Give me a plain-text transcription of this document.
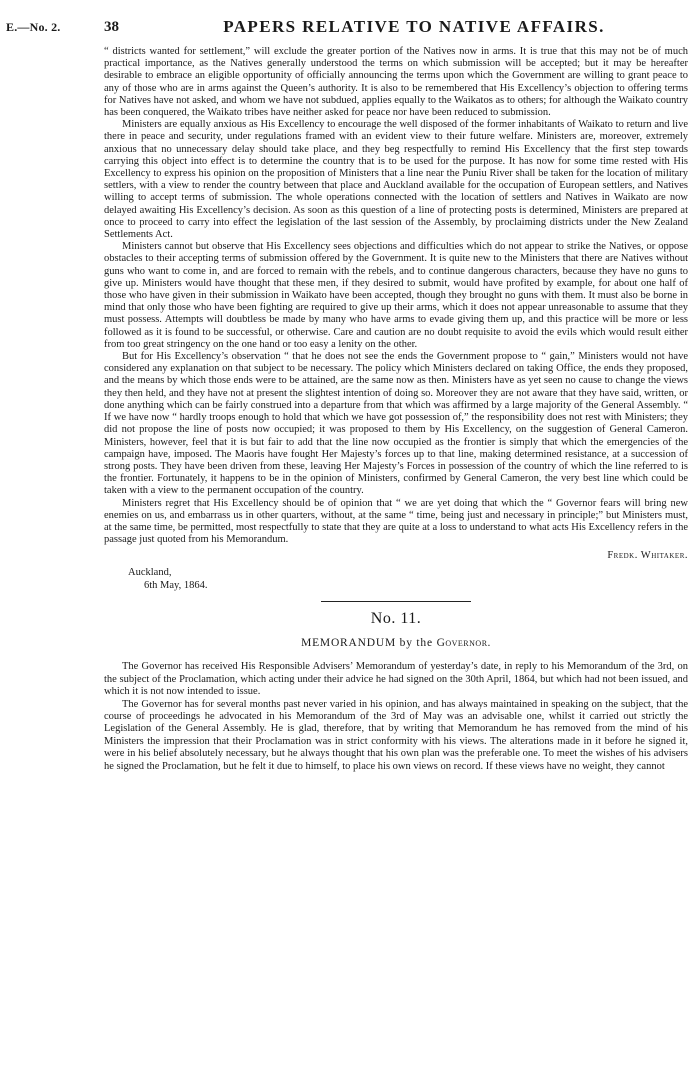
E.—No. 2.	38	PAPERS RELATIVE TO NATIVE AFFAIRS.

“ districts wanted for settlement,” will exclude the greater portion of the Natives now in arms. It is true that this may not be of much practical importance, as the Natives generally understood the terms on which submission will be accepted; but it may be hereafter desirable to embrace an eligible opportunity of officially announcing the terms upon which the Government are willing to grant peace to any of those who are in arms against the Queen’s authority. It is also to be remembered that His Excellency’s objection to offering terms for Natives have not asked, and whom we have not subdued, applies equally to the Waikatos as to others; for although the Waikato country has been conquered, the Waikato tribes have neither asked for peace nor have been reduced to submission.

Ministers are equally anxious as His Excellency to encourage the well disposed of the former inhabitants of Waikato to return and live there in peace and security, under regulations framed with an evident view to their future welfare. Ministers are, moreover, extremely anxious that no unnecessary delay should take place, and they beg respectfully to remind His Excellency that the first step towards carrying this object into effect is to determine the country that is to be used for the purpose. It has now for some time rested with His Excellency to express his opinion on the proposition of Ministers that a line near the Puniu River shall be taken for the location of military settlers, with a view to render the country between that place and Auckland available for the occupation of European settlers, and Natives willing to accept terms of submission. The whole operations connected with the location of settlers and Natives in Waikato are now delayed awaiting His Excellency’s decision. As soon as this question of a line of protecting posts is determined, Ministers are prepared at once to proceed to carry into effect the legislation of the last session of the Assembly, by proclaiming districts under the New Zealand Settlements Act.

Ministers cannot but observe that His Excellency sees objections and difficulties which do not appear to strike the Natives, or oppose obstacles to their accepting terms of submission offered by the Government. It is quite new to the Ministers that there are Natives without guns who want to come in, and are forced to remain with the rebels, and to continue dangerous characters, because they have no guns to give up. Ministers would have thought that these men, if they desired to submit, would have profited by example, for about one half of those who have given in their submission in Waikato have been accepted, though they brought no guns with them. It must also be borne in mind that only those who have been fighting are required to give up their arms, which it does not appear unreasonable to assume that they must possess. Attempts will doubtless be made by many who have arms to evade giving them up, and this practice will be more or less followed as it is found to be successful, or otherwise. Care and caution are no doubt requisite to avoid the evils which would result either from too great stringency on the one hand or too easy a lenity on the other.

But for His Excellency’s observation “ that he does not see the ends the Government propose to “ gain,” Ministers would not have considered any explanation on that subject to be necessary. The policy which Ministers declared on taking Office, the ends they proposed, and the means by which those ends were to be attained, are the same now as then. Ministers have as yet seen no cause to change the views they then held, and they have not at present the slightest intention of doing so. Moreover they are not aware that they have said, written, or done anything which can be fairly construed into a departure from that which was affirmed by a large majority of the General Assembly. “ If we have now “ hardly troops enough to hold that which we have got possession of,” the responsibility does not rest with Ministers; they did not propose the line of posts now occupied; it was proposed to them by His Excellency, on the suggestion of General Cameron. Ministers, however, feel that it is but fair to add that the line now occupied as the frontier is simply that which the emergencies of the campaign have, imposed. The Maoris have fought Her Majesty’s forces up to that line, making determined resistance, at a succession of strong posts. They have been driven from these, leaving Her Majesty’s Forces in possession of the country of which the line referred to is the frontier. Fortunately, it happens to be in the opinion of Ministers, confirmed by General Cameron, the very best line which could be taken with a view to the permanent occupation of the country.

Ministers regret that His Excellency should be of opinion that “ we are yet doing that which the “ Governor fears will bring new enemies on us, and embarrass us in other quarters, without, at the same “ time, being just and necessary in principle;” but Ministers must, at the same time, be permitted, most respectfully to state that they are quite at a loss to understand to what acts His Excellency refers in the passage just quoted from his Memorandum.

Fredk. Whitaker.

Auckland,

6th May, 1864.

No. 11.
MEMORANDUM by the Governor.

The Governor has received His Responsible Advisers’ Memorandum of yesterday’s date, in reply to his Memorandum of the 3rd, on the subject of the Proclamation, which acting under their advice he had signed on the 30th April, 1864, but which had not been issued, and which it is not now intended to issue.

The Governor has for several months past never varied in his opinion, and has always maintained in speaking on the subject, that the course of proceedings he advocated in his Memorandum of the 3rd of May was an advisable one, whilst it carried out strictly the Legislation of the General Assembly. He is glad, therefore, that by writing that Memorandum he has removed from the mind of his Ministers the impression that their Proclamation was in strict conformity with his views. The alterations made in it before he signed it, were in his belief absolutely necessary, but he always thought that his own plan was the preferable one. To meet the wishes of his advisers he signed the Proclamation, but he felt it due to himself, to place his own views on record. If these views have no weight, they cannot
